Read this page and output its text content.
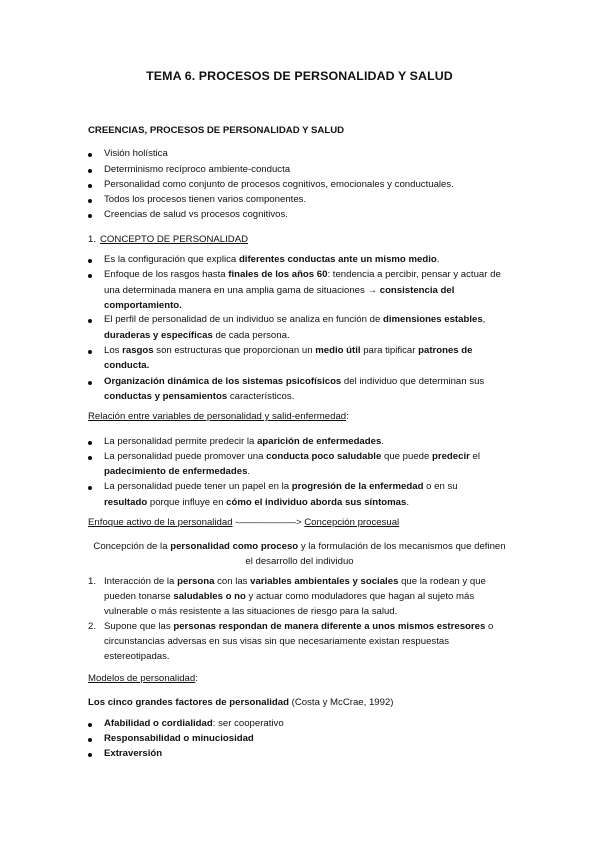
TEMA 6. PROCESOS DE PERSONALIDAD Y SALUD
CREENCIAS, PROCESOS DE PERSONALIDAD Y SALUD
Visión holística
Determinismo recíproco ambiente-conducta
Personalidad como conjunto de procesos cognitivos, emocionales y conductuales.
Todos los procesos tienen varios componentes.
Creencias de salud vs procesos cognitivos.
1. CONCEPTO DE PERSONALIDAD
Es la configuración que explica diferentes conductas ante un mismo medio.
Enfoque de los rasgos hasta finales de los años 60: tendencia a percibir, pensar y actuar de
una determinada manera en una amplia gama de situaciones → consistencia del
comportamiento.
El perfil de personalidad de un individuo se analiza en función de dimensiones estables,
duraderas y específicas de cada persona.
Los rasgos son estructuras que proporcionan un medio útil para tipificar patrones de
conducta.
Organización dinámica de los sistemas psicofísicos del individuo que determinan sus
conductas y pensamientos característicos.
Relación entre variables de personalidad y salid-enfermedad:
La personalidad permite predecir la aparición de enfermedades.
La personalidad puede promover una conducta poco saludable que puede predecir el
padecimiento de enfermedades.
La personalidad puede tener un papel en la progresión de la enfermedad o en su
resultado porque influye en cómo el individuo aborda sus síntomas.
Enfoque activo de la personalidad -——————> Concepción procesual
Concepción de la personalidad como proceso y la formulación de los mecanismos que definen
el desarrollo del individuo
1. Interacción de la persona con las variables ambientales y sociales que la rodean y que
pueden tonarse saludables o no y actuar como moduladores que hagan al sujeto más
vulnerable o más resistente a las situaciones de riesgo para la salud.
2. Supone que las personas respondan de manera diferente a unos mismos estresores o
circunstancias adversas en sus visas sin que necesariamente existan respuestas
estereotipadas.
Modelos de personalidad:
Los cinco grandes factores de personalidad (Costa y McCrae, 1992)
Afabilidad o cordialidad: ser cooperativo
Responsabilidad o minuciosidad
Extraversión
